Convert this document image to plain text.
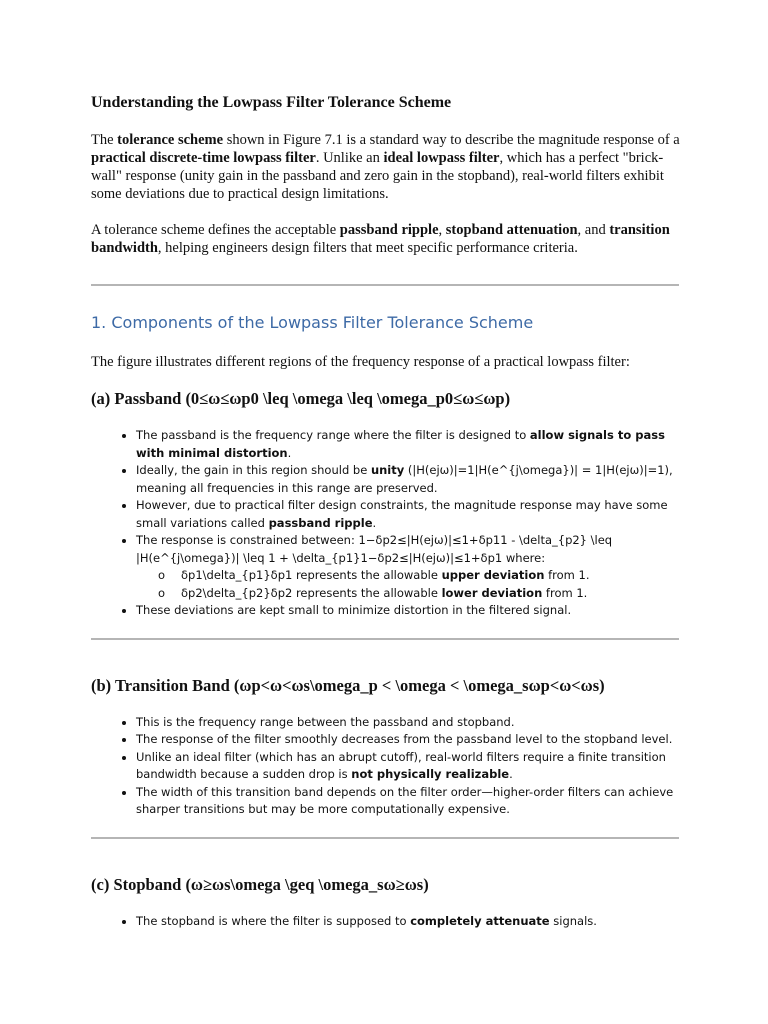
Understanding the Lowpass Filter Tolerance Scheme

The tolerance scheme shown in Figure 7.1 is a standard way to describe the magnitude response of a practical discrete-time lowpass filter. Unlike an ideal lowpass filter, which has a perfect "brick-wall" response (unity gain in the passband and zero gain in the stopband), real-world filters exhibit some deviations due to practical design limitations.

A tolerance scheme defines the acceptable passband ripple, stopband attenuation, and transition bandwidth, helping engineers design filters that meet specific performance criteria.

1. Components of the Lowpass Filter Tolerance Scheme

The figure illustrates different regions of the frequency response of a practical lowpass filter:

(a) Passband (0≤ω≤ωp0 \leq \omega \leq \omega_p0≤ω≤ωp)
• The passband is the frequency range where the filter is designed to allow signals to pass with minimal distortion.
• Ideally, the gain in this region should be unity (|H(ejω)|=1|H(e^{j\omega})| = 1|H(ejω)|=1), meaning all frequencies in this range are preserved.
• However, due to practical filter design constraints, the magnitude response may have some small variations called passband ripple.
• The response is constrained between: 1−δp2≤|H(ejω)|≤1+δp11 - \delta_{p2} \leq |H(e^{j\omega})| \leq 1 + \delta_{p1}1−δp2≤|H(ejω)|≤1+δp1 where:
o δp1\delta_{p1}δp1 represents the allowable upper deviation from 1.
o δp2\delta_{p2}δp2 represents the allowable lower deviation from 1.
• These deviations are kept small to minimize distortion in the filtered signal.
(b) Transition Band (ωp<ω<ωs\omega_p < \omega < \omega_sωp<ω<ωs)
• This is the frequency range between the passband and stopband.
• The response of the filter smoothly decreases from the passband level to the stopband level.
• Unlike an ideal filter (which has an abrupt cutoff), real-world filters require a finite transition bandwidth because a sudden drop is not physically realizable.
• The width of this transition band depends on the filter order—higher-order filters can achieve sharper transitions but may be more computationally expensive.
(c) Stopband (ω≥ωs\omega \geq \omega_sω≥ωs)
• The stopband is where the filter is supposed to completely attenuate signals.
